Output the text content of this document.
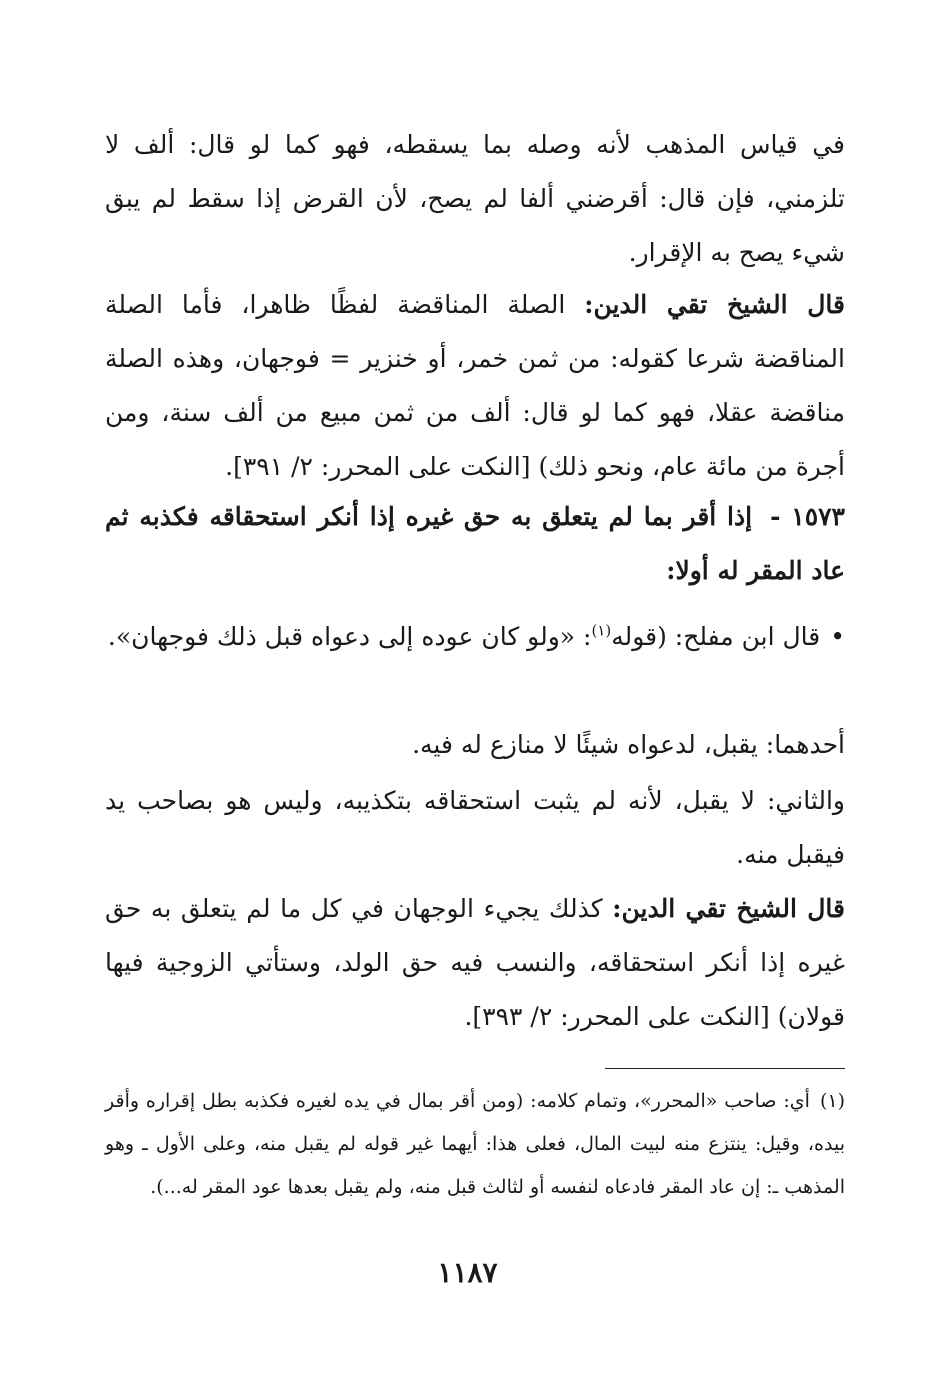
في قياس المذهب لأنه وصله بما يسقطه، فهو كما لو قال: ألف لا تلزمني، فإن قال: أقرضني ألفا لم يصح، لأن القرض إذا سقط لم يبق شيء يصح به الإقرار.

قال الشيخ تقي الدين: الصلة المناقضة لفظًا ظاهرا، فأما الصلة المناقضة شرعا كقوله: من ثمن خمر، أو خنزير = فوجهان، وهذه الصلة مناقضة عقلا، فهو كما لو قال: ألف من ثمن مبيع من ألف سنة، ومن أجرة من مائة عام، ونحو ذلك) [النكت على المحرر: ٢/ ٣٩١].

١٥٧٣ -إذا أقر بما لم يتعلق به حق غيره إذا أنكر استحقاقه فكذبه ثم عاد المقر له أولا:

•قال ابن مفلح: (قوله$^{(١)}$: «ولو كان عوده إلى دعواه قبل ذلك فوجهان».

أحدهما: يقبل، لدعواه شيئًا لا منازع له فيه.

والثاني: لا يقبل، لأنه لم يثبت استحقاقه بتكذيبه، وليس هو بصاحب يد فيقبل منه.

قال الشيخ تقي الدين: كذلك يجيء الوجهان في كل ما لم يتعلق به حق غيره إذا أنكر استحقاقه، والنسب فيه حق الولد، وستأتي الزوجية فيها قولان) [النكت على المحرر: ٢/ ٣٩٣].

(١)أي: صاحب «المحرر»، وتمام كلامه: (ومن أقر بمال في يده لغيره فكذبه بطل إقراره وأقر بيده، وقيل: ينتزع منه لبيت المال، فعلى هذا: أيهما غير قوله لم يقبل منه، وعلى الأول ـ وهو المذهب ـ: إن عاد المقر فادعاه لنفسه أو لثالث قبل منه، ولم يقبل بعدها عود المقر له...).

١١٨٧
